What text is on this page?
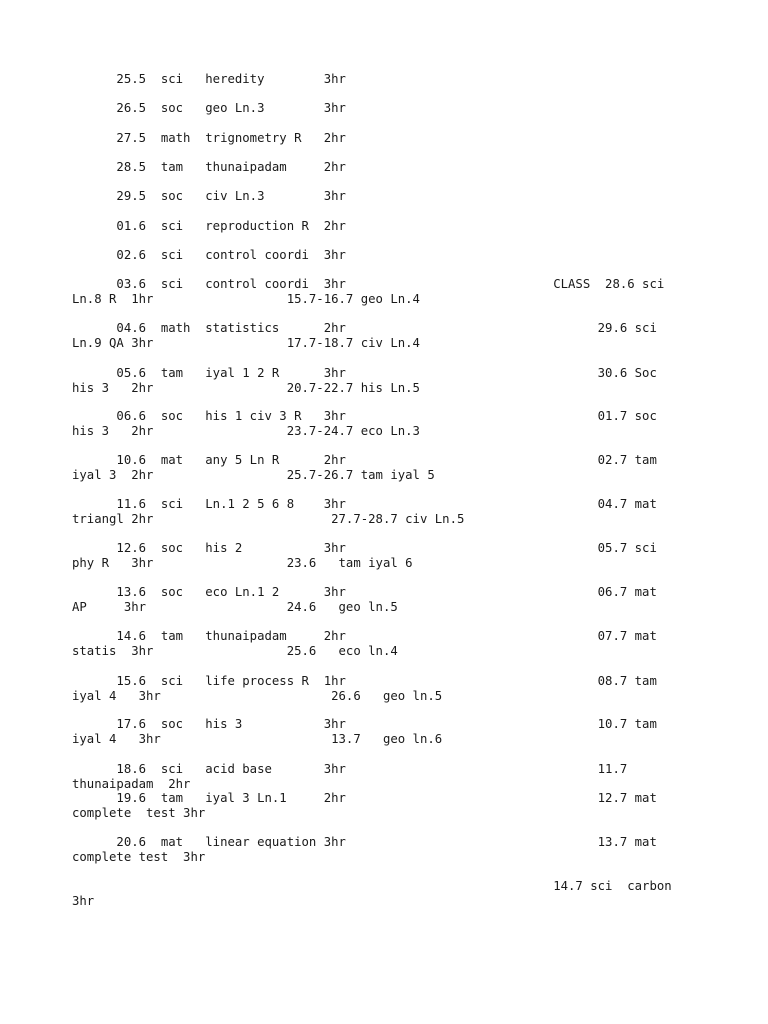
25.5  sci   heredity        3hr

26.5  soc   geo Ln.3        3hr

27.5  math  trignometry R   2hr

28.5  tam   thunaipadam     2hr

29.5  soc   civ Ln.3        3hr

01.6  sci   reproduction R  2hr

02.6  sci   control coordi  3hr

03.6  sci   control coordi  3hr                            CLASS  28.6 sci
Ln.8 R  1hr                  15.7-16.7 geo Ln.4

04.6  math  statistics      2hr                                  29.6 sci
Ln.9 QA 3hr                  17.7-18.7 civ Ln.4

05.6  tam   iyal 1 2 R      3hr                                  30.6 Soc
his 3   2hr                  20.7-22.7 his Ln.5

06.6  soc   his 1 civ 3 R   3hr                                  01.7 soc
his 3   2hr                  23.7-24.7 eco Ln.3

10.6  mat   any 5 Ln R      2hr                                  02.7 tam
iyal 3  2hr                  25.7-26.7 tam iyal 5

11.6  sci   Ln.1 2 5 6 8    3hr                                  04.7 mat
triangl 2hr                        27.7-28.7 civ Ln.5

12.6  soc   his 2           3hr                                  05.7 sci
phy R   3hr                  23.6   tam iyal 6

13.6  soc   eco Ln.1 2      3hr                                  06.7 mat
AP     3hr                   24.6   geo ln.5

14.6  tam   thunaipadam     2hr                                  07.7 mat
statis  3hr                  25.6   eco ln.4

15.6  sci   life process R  1hr                                  08.7 tam
iyal 4   3hr                       26.6   geo ln.5

17.6  soc   his 3           3hr                                  10.7 tam
iyal 4   3hr                       13.7   geo ln.6

18.6  sci   acid base       3hr                                  11.7
thunaipadam  2hr

19.6  tam   iyal 3 Ln.1     2hr                                  12.7 mat
complete  test 3hr

20.6  mat   linear equation 3hr                                  13.7 mat
complete test  3hr

14.7 sci  carbon
3hr
